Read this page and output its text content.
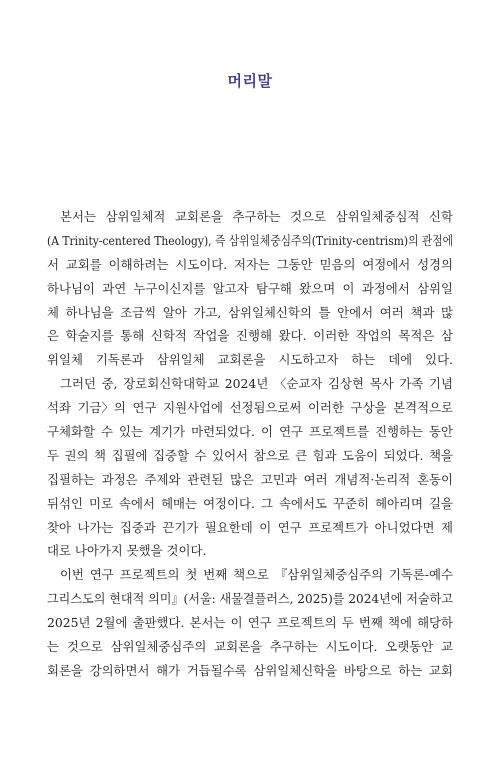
머리말
본서는 삼위일체적 교회론을 추구하는 것으로 삼위일체중심적 신학
(A Trinity-centered Theology), 즉 삼위일체중심주의(Trinity-centrism)의 관점에
서 교회를 이해하려는 시도이다. 저자는 그동안 믿음의 여정에서 성경의
하나님이 과연 누구이신지를 알고자 탐구해 왔으며 이 과정에서 삼위일
체 하나님을 조금씩 알아 가고, 삼위일체신학의 틀 안에서 여러 책과 많
은 학술지를 통해 신학적 작업을 진행해 왔다. 이러한 작업의 목적은 삼
위일체 기독론과 삼위일체 교회론을 시도하고자 하는 데에 있다.
그러던 중, 장로회신학대학교 2024년 〈순교자 김상현 목사 가족 기념
석좌 기금〉의 연구 지원사업에 선정됨으로써 이러한 구상을 본격적으로
구체화할 수 있는 계기가 마련되었다. 이 연구 프로젝트를 진행하는 동안
두 권의 책 집필에 집중할 수 있어서 참으로 큰 힘과 도움이 되었다. 책을
집필하는 과정은 주제와 관련된 많은 고민과 여러 개념적·논리적 혼동이
뒤섞인 미로 속에서 헤매는 여정이다. 그 속에서도 꾸준히 헤아리며 길을
찾아 나가는 집중과 끈기가 필요한데 이 연구 프로젝트가 아니었다면 제
대로 나아가지 못했을 것이다.
이번 연구 프로젝트의 첫 번째 책으로 『삼위일체중심주의 기독론-예수
그리스도의 현대적 의미』(서울: 새물결플러스, 2025)를 2024년에 저술하고
2025년 2월에 출판했다. 본서는 이 연구 프로젝트의 두 번째 책에 해당하
는 것으로 삼위일체중심주의 교회론을 추구하는 시도이다. 오랫동안 교
회론을 강의하면서 해가 거듭될수록 삼위일체신학을 바탕으로 하는 교회
